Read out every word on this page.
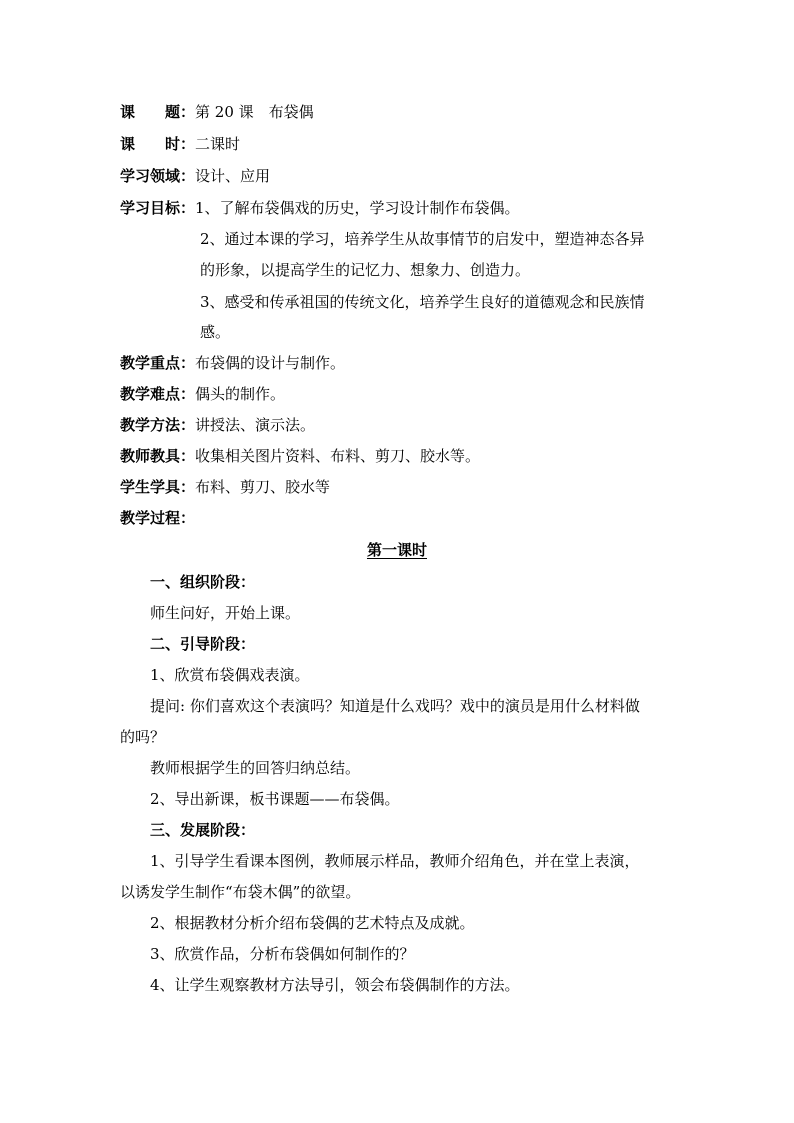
课　　题：第 20 课　布袋偶
课　　时：二课时
学习领域：设计、应用
学习目标：1、了解布袋偶戏的历史，学习设计制作布袋偶。
2、通过本课的学习，培养学生从故事情节的启发中，塑造神态各异
的形象，以提高学生的记忆力、想象力、创造力。
3、感受和传承祖国的传统文化，培养学生良好的道德观念和民族情
感。
教学重点：布袋偶的设计与制作。
教学难点：偶头的制作。
教学方法：讲授法、演示法。
教师教具：收集相关图片资料、布料、剪刀、胶水等。
学生学具：布料、剪刀、胶水等
教学过程：
第一课时
一、组织阶段：
师生问好，开始上课。
二、引导阶段：
1、欣赏布袋偶戏表演。
提问: 你们喜欢这个表演吗？知道是什么戏吗？戏中的演员是用什么材料做
的吗？
教师根据学生的回答归纳总结。
2、导出新课，板书课题——布袋偶。
三、发展阶段：
1、引导学生看课本图例，教师展示样品，教师介绍角色，并在堂上表演，
以诱发学生制作“布袋木偶”的欲望。
2、根据教材分析介绍布袋偶的艺术特点及成就。
3、欣赏作品，分析布袋偶如何制作的？
4、让学生观察教材方法导引，领会布袋偶制作的方法。
